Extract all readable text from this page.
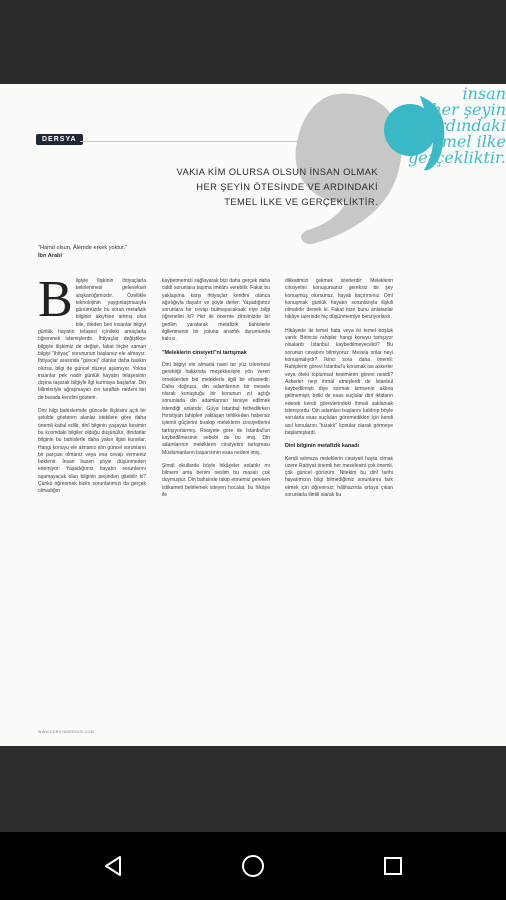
insan
her şeyin
ardındaki
temel ilke
gerçekliktir.
DERSYA
VAKIA KİM OLURSA OLSUN İNSAN OLMAK
HER ŞEYİN ÖTESİNDE VE ARDINDAKİ
TEMEL İLKE VE GERÇEKLİKTİR.
"Hamd olsun, Ålemde erkek yoktur."
İbn Arabi

Bilgiyle ilişkinin ihtiyaçlarla belirlenmesi geleneksel alışkanlığımızdır. Özellikle teknolojinin yaygınlaşmasıyla günümüzde bu sorun metafizik bilginin akıyhine artmış olsa bile, öteden beri insanlar bilgiyi günlük hayatın telaşesi içindeki amaçlarla öğrenmek istemişlerdir. İhtiyaçlar değiştikçe bilgiyle ilişkimiz de değişir, fakat hiçbir zaman bilgiyi "ihtiyaç" sorununun başlarsız ele almayız. İhtiyaçlar arasında "güncel" olanlar daha baskın olursa, bilgi de güncel düzeyi aşamıyor. Yoksa insanlar pek nadir günlük hayatın telaşesinin dışına taşarak bilgiyle ilgi kurmaya başlarlar. Din bilimleriyle uğraşmayan zor tarafları nedeni biri de burada kendini gösterir.

Dini bilgi bahislerinde güncelle ilişkisini açık bir şekilde gösteren alanlar ötekilere göre daha önemli kabul edilir, dinî bilginin yaşayan kesimin bu kısımdaki bilgiler olduğu düşünülür, dindarlar bilginin bu bahislerle daha yakın ilgisi kurarlar. Hangi konuyu ele almanız alın güncel sorunların bir parçası olmanız veya ona cevap vermeniz beklenir. İnsan bazen şöyle düşünmeden edemiyor: Yaşadığımız hayatın sorunlarını aşamayacak olan bilginin peşinden gitebilir ki? Çünkü öğrenmek bizim sorunlarımızı da gerçek olmadığın

kaybetmemizi sağlayarak bizi daha gerçek daha ciddi sorunlara taşıma imkânı verebilir. Fakat bu yaklaşıma karşı ihtiyaçlar kendini olanca ağırlığıyla dayatır ve şöyle derler: Yaşadığımız sorunlara bir cevap bulmayacaksak niye bilgi öğrenelim ki? Her iki önerme zihnimizde bir gerilim yaratarak metafizik bahislerle ilgilenmenin bir yoluna anamık durumunda kalırız.

"Meleklerin cinsiyeti"ni tartışmak

Dinî bilgiyi ele almada nasıl ter yüz izlenmesi gerektiği hakkında meşekkesiyle yön veren örneklerden biri meleklerle ilgili bir efsanedir. Daha doğrusu, din adamlarının bir mesele olarak konuştuğu bir konunun zıt açtığı sonunlarla din adamlarının tersiye edilmek istendiği anlatıdır. Güya İstanbul fethedilirken Hıristiyan tahipleri yaklaşan tehlikeden habersiz işlemli güçlerini bırakıp meleklerin cinsiyetlerini tartışıyorlarmış. Rivayete göre de İstanbul'un kaybedilmesinin sebebi de bu imiş. Din adamlarının meleklerin cinsiyetini tartışması Müslümanların başarısının esas nedeni imiş.

Şimdi okullarda böyle hikâyeler anlatılır mı bilmem ama benim neslim bu masalı çok duymuştur. Din bahsinde takip etmemiz gereken istikameti belirlemek isteyen hocalar, bu hikâye ile

dikkatimizi çekmek isterlerdir: Meleklerin cinsiyetini konuşursanız gereksiz bir şey konuşmuş olursunuz, hayatı kaçırırsınız. Dinî konuşmak günlük hayatın sorunlarıyla ilişkili olmalıdır demek ki. Fakat bize bunu anlatanlar hikâye üzerinde hiç düşünmemiye benziyorlardı.

Hikâyede iki temel hata veya iki temel boşluk vardı: Birincisi rahipler hangi konuyu tartışıyor olsalardı İstanbul kaybedilmeyecekti? Bu sorunun cevabını bilmiyoruz. Mesela onlar neyi konuşmalıydı? İkinci sora daha önemli: Rahiplerin görevi İstanbul'u korumak ise askerler veya öteki toplumsal kesimlerin görevi nesidi? Askerler neyi ihmal etmişlerdi de İstanbul kaybedilmişti diye sormak kimsenin aklına gelmemişti; belki de esas suçlular dinî iktidarın ederek kendi görevlerindeki ihmali saklamak isteniyordu. Din adamları başlarını kaldırıp böyle sorularla esas suçluları göremedikleri için kendi asıl konularını "tuzaklı" konular olarak görmeye başlamışlardı.

Dinî bilginin metafizik kanadı

Kendi adımıza meleklerin cinsiyeti hayta olmak üzere Rahiyat önemli her meselesini çok önemli, çok güncel görürüm. Nitekim bu dinî tarihi hayatımızın bilgi bilmediğimiz sorunlarını fark etmek için öğrenirsiz; hâlihazırda ortaya çıkan sorunlarla ilintili olarak bu

WWW.DERSYADERGISI.COM
